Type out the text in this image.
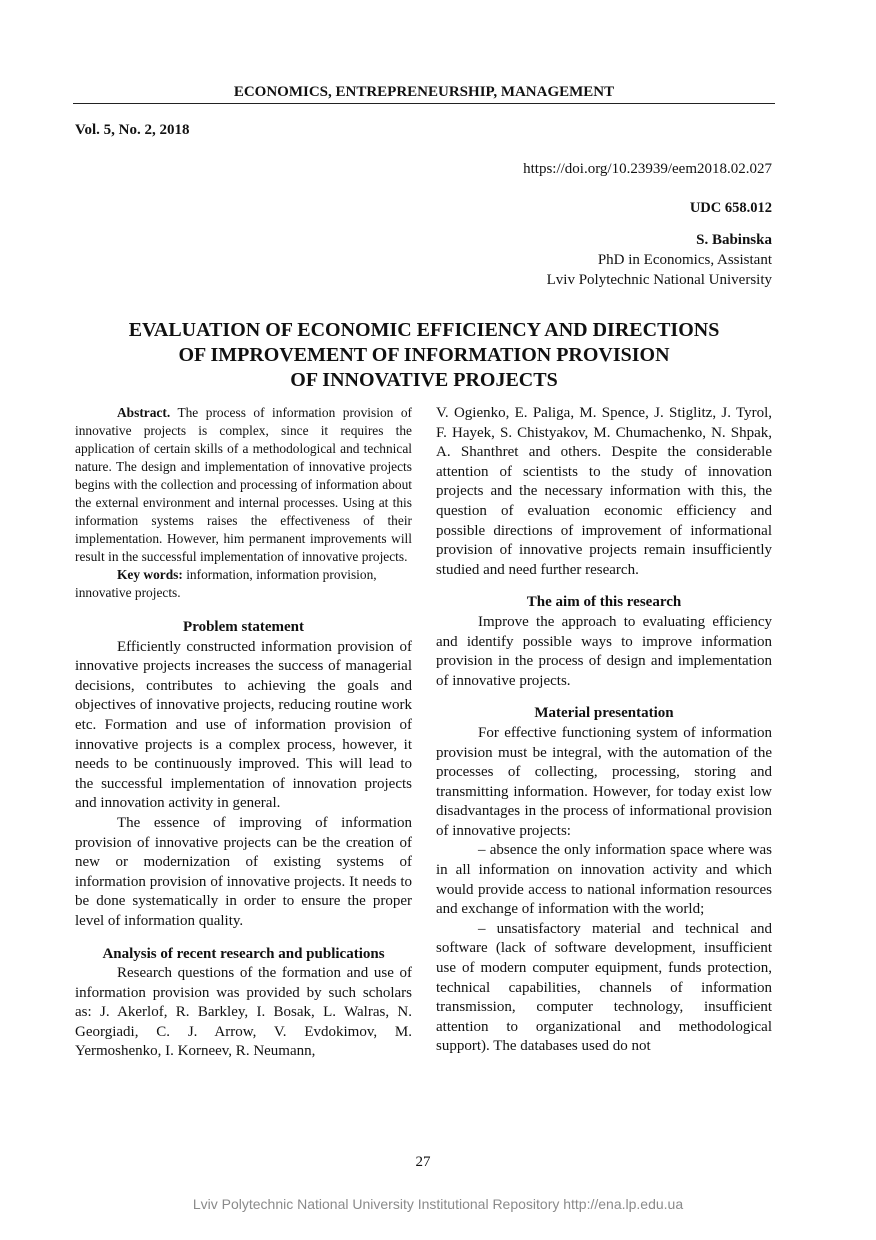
ECONOMICS, ENTREPRENEURSHIP, MANAGEMENT
Vol. 5, No. 2, 2018
https://doi.org/10.23939/eem2018.02.027
UDC 658.012
S. Babinska
PhD in Economics, Assistant
Lviv Polytechnic National University
EVALUATION OF ECONOMIC EFFICIENCY AND DIRECTIONS
OF IMPROVEMENT OF INFORMATION PROVISION
OF INNOVATIVE PROJECTS

Abstract. The process of information provision of innovative projects is complex, since it requires the application of certain skills of a methodological and technical nature. The design and implementation of innovative projects begins with the collection and processing of information about the external environment and internal processes. Using at this information systems raises the effectiveness of their implementation. However, him permanent improvements will result in the successful implementation of innovative projects.

Key words: information, information provision, innovative projects.

Problem statement

Efficiently constructed information provision of innovative projects increases the success of managerial decisions, contributes to achieving the goals and objectives of innovative projects, reducing routine work etc. Formation and use of information provision of innovative projects is a complex process, however, it needs to be continuously improved. This will lead to the successful implementation of innovation projects and innovation activity in general.

The essence of improving of information provision of innovative projects can be the creation of new or modernization of existing systems of information provision of innovative projects. It needs to be done systematically in order to ensure the proper level of information quality.

Analysis of recent research and publications

Research questions of the formation and use of information provision was provided by such scholars as: J. Akerlof, R. Barkley, I. Bosak, L. Walras, N. Georgiadi, C. J. Arrow, V. Evdokimov, M. Yermoshenko, I. Korneev, R. Neumann,

V. Ogienko, E. Paliga, M. Spence, J. Stiglitz, J. Tyrol, F. Hayek, S. Chistyakov, M. Chumachenko, N. Shpak, A. Shanthret and others. Despite the considerable attention of scientists to the study of innovation projects and the necessary information with this, the question of evaluation economic efficiency and possible directions of improvement of informational provision of innovative projects remain insufficiently studied and need further research.

The aim of this research

Improve the approach to evaluating efficiency and identify possible ways to improve information provision in the process of design and implementation of innovative projects.

Material presentation

For effective functioning system of information provision must be integral, with the automation of the processes of collecting, processing, storing and transmitting information. However, for today exist low disadvantages in the process of informational provision of innovative projects:

– absence the only information space where was in all information on innovation activity and which would provide access to national information resources and exchange of information with the world;

– unsatisfactory material and technical and software (lack of software development, insufficient use of modern computer equipment, funds protection, technical capabilities, channels of information transmission, computer technology, insufficient attention to organizational and methodological support). The databases used do not

27
Lviv Polytechnic National University Institutional Repository http://ena.lp.edu.ua
